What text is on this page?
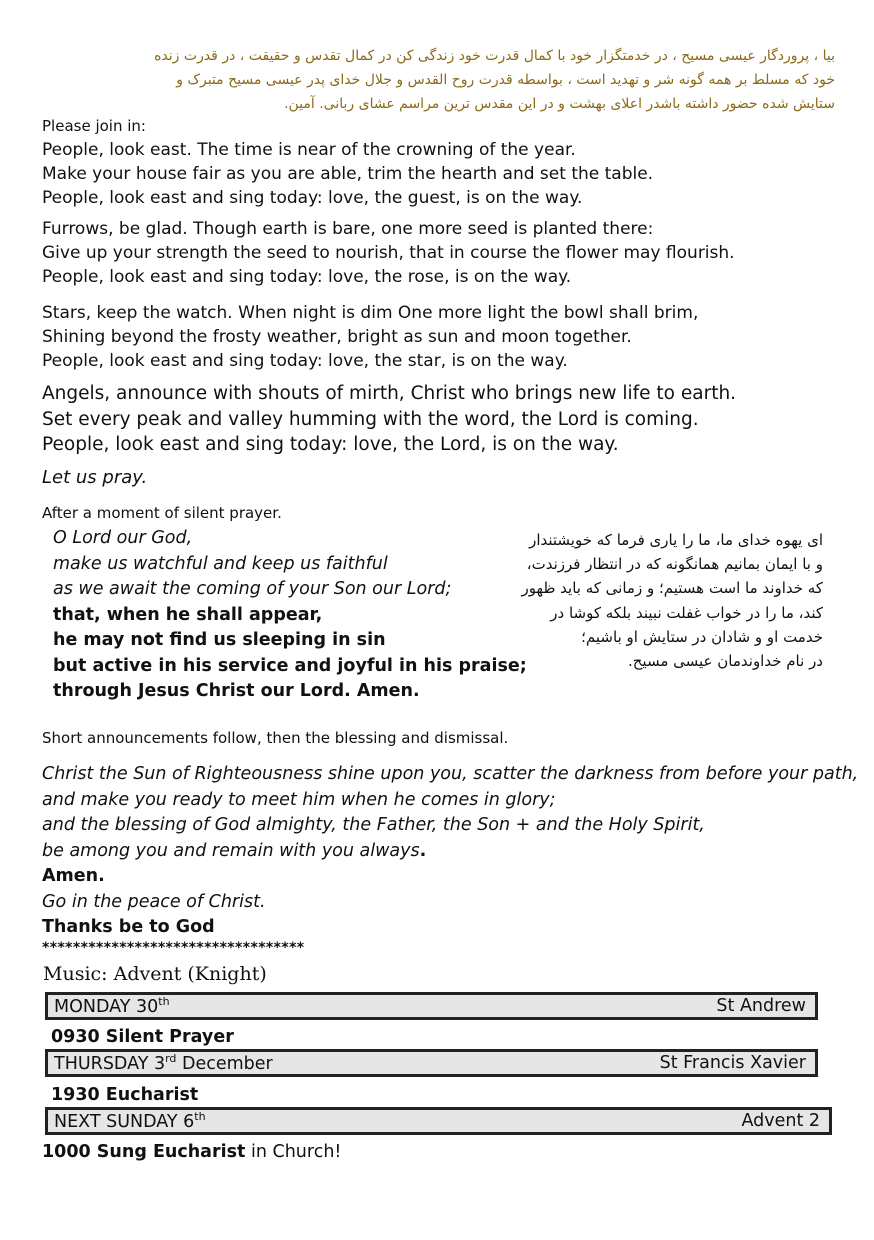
بیا ، پروردگار عیسی مسیح ، در خدمتگزار خود با کمال قدرت خود زندگی کن در کمال تقدس و حقیقت ، در قدرت زنده
خود که مسلط بر همه گونه شر و تهدید است ، بواسطه قدرت روح القدس و جلال خدای پدر عیسی مسیح متبرک و
ستایش شده حضور داشته باشدر اعلای بهشت و در این مقدس ترین مراسم عشای ربانی. آمین.
Please join in:
People, look east. The time is near of the crowning of the year.
Make your house fair as you are able, trim the hearth and set the table.
People, look east and sing today: love, the guest, is on the way.
Furrows, be glad. Though earth is bare, one more seed is planted there:
Give up your strength the seed to nourish, that in course the flower may flourish.
People, look east and sing today: love, the rose, is on the way.
Stars, keep the watch. When night is dim One more light the bowl shall brim,
Shining beyond the frosty weather, bright as sun and moon together.
People, look east and sing today: love, the star, is on the way.
Angels, announce with shouts of mirth, Christ who brings new life to earth.
Set every peak and valley humming with the word, the Lord is coming.
People, look east and sing today: love, the Lord, is on the way.
Let us pray.
After a moment of silent prayer.
O Lord our God,
make us watchful and keep us faithful
as we await the coming of your Son our Lord;
that, when he shall appear,
he may not find us sleeping in sin
but active in his service and joyful in his praise;
through Jesus Christ our Lord. Amen.
ای یهوه خدای ما، ما را یاری فرما که خویشتندار
و با ایمان بمانیم همانگونه که در انتظار فرزندت،
که خداوند ما است هستیم؛ و زمانی که باید ظهور
کند، ما را در خواب غفلت نبیند بلکه کوشا در
خدمت او و شادان در ستایش او باشیم؛
در نام خداوندمان عیسی مسیح.
Short announcements follow, then the blessing and dismissal.
Christ the Sun of Righteousness shine upon you, scatter the darkness from before your path,
and make you ready to meet him when he comes in glory;
and the blessing of God almighty, the Father, the Son + and the Holy Spirit,
be among you and remain with you always.
Amen.
Go in the peace of Christ.
Thanks be to God
**********************************
Music: Advent (Knight)
MONDAY 30th	St Andrew
0930 Silent Prayer
THURSDAY 3rd December	St Francis Xavier
1930 Eucharist
NEXT SUNDAY 6th	Advent 2
1000 Sung Eucharist in Church!
